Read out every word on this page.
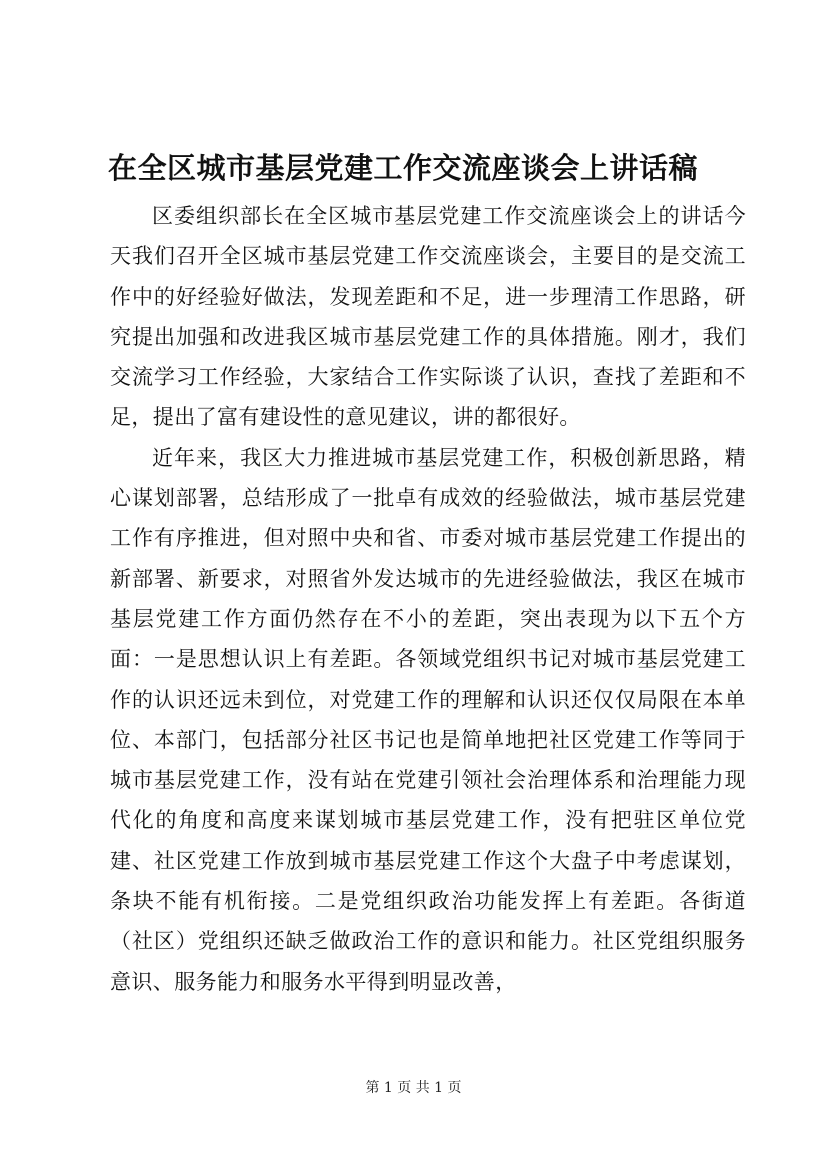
在全区城市基层党建工作交流座谈会上讲话稿

区委组织部长在全区城市基层党建工作交流座谈会上的讲话今天我们召开全区城市基层党建工作交流座谈会，主要目的是交流工作中的好经验好做法，发现差距和不足，进一步理清工作思路，研究提出加强和改进我区城市基层党建工作的具体措施。刚才，我们交流学习工作经验，大家结合工作实际谈了认识，查找了差距和不足，提出了富有建设性的意见建议，讲的都很好。

近年来，我区大力推进城市基层党建工作，积极创新思路，精心谋划部署，总结形成了一批卓有成效的经验做法，城市基层党建工作有序推进，但对照中央和省、市委对城市基层党建工作提出的新部署、新要求，对照省外发达城市的先进经验做法，我区在城市基层党建工作方面仍然存在不小的差距，突出表现为以下五个方面：一是思想认识上有差距。各领域党组织书记对城市基层党建工作的认识还远未到位，对党建工作的理解和认识还仅仅局限在本单位、本部门，包括部分社区书记也是简单地把社区党建工作等同于城市基层党建工作，没有站在党建引领社会治理体系和治理能力现代化的角度和高度来谋划城市基层党建工作，没有把驻区单位党建、社区党建工作放到城市基层党建工作这个大盘子中考虑谋划，条块不能有机衔接。二是党组织政治功能发挥上有差距。各街道（社区）党组织还缺乏做政治工作的意识和能力。社区党组织服务意识、服务能力和服务水平得到明显改善，

第 1 页 共 1 页
